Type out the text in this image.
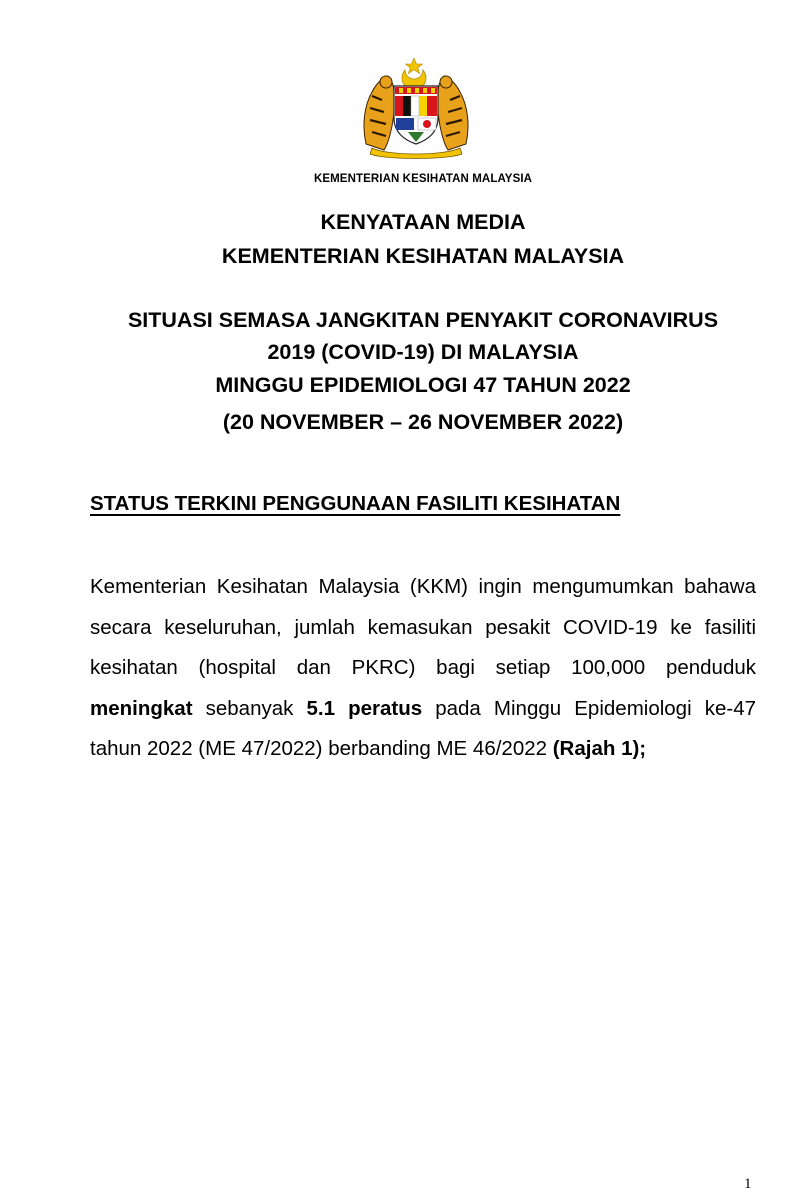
KEMENTERIAN KESIHATAN MALAYSIA
KENYATAAN MEDIA
KEMENTERIAN KESIHATAN MALAYSIA
SITUASI SEMASA JANGKITAN PENYAKIT CORONAVIRUS
2019 (COVID-19) DI MALAYSIA
MINGGU EPIDEMIOLOGI 47 TAHUN 2022
(20 NOVEMBER – 26 NOVEMBER 2022)
STATUS TERKINI PENGGUNAAN FASILITI KESIHATAN
Kementerian Kesihatan Malaysia (KKM) ingin mengumumkan bahawa secara keseluruhan, jumlah kemasukan pesakit COVID-19 ke fasiliti kesihatan (hospital dan PKRC) bagi setiap 100,000 penduduk meningkat sebanyak 5.1 peratus pada Minggu Epidemiologi ke-47 tahun 2022 (ME 47/2022) berbanding ME 46/2022 (Rajah 1);
1
